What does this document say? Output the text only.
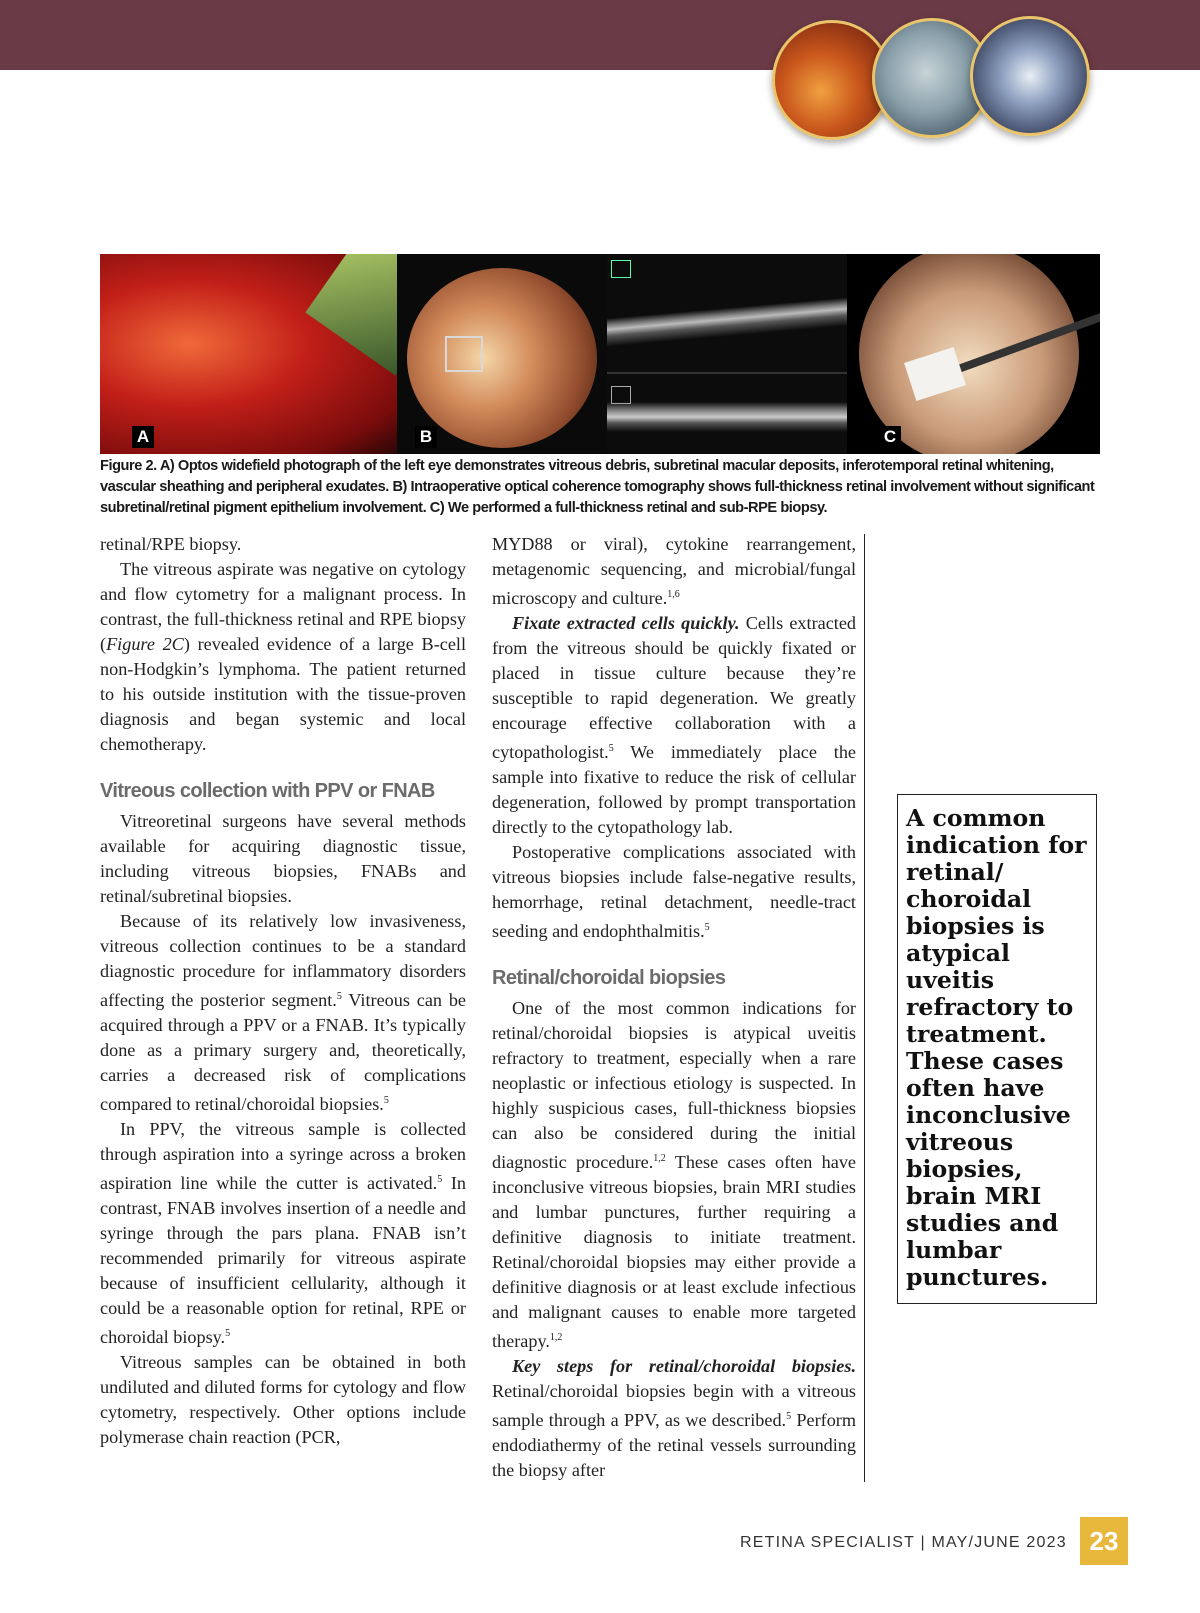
A	B	C
Figure 2. A) Optos widefield photograph of the left eye demonstrates vitreous debris, subretinal macular deposits, inferotemporal retinal whitening, vascular sheathing and peripheral exudates. B) Intraoperative optical coherence tomography shows full-thickness retinal involvement without significant subretinal/retinal pigment epithelium involvement. C) We performed a full-thickness retinal and sub-RPE biopsy.

retinal/RPE biopsy.

The vitreous aspirate was negative on cytology and flow cytometry for a malignant process. In contrast, the full-thickness retinal and RPE biopsy (Figure 2C) revealed evidence of a large B-cell non-Hodgkin’s lymphoma. The patient returned to his outside institution with the tissue-proven diagnosis and began systemic and local chemotherapy.

Vitreous collection with PPV or FNAB

Vitreoretinal surgeons have several methods available for acquiring diagnostic tissue, including vitreous biopsies, FNABs and retinal/subretinal biopsies.

Because of its relatively low invasiveness, vitreous collection continues to be a standard diagnostic procedure for inflammatory disorders affecting the posterior segment.$^5$ Vitreous can be acquired through a PPV or a FNAB. It’s typically done as a primary surgery and, theoretically, carries a decreased risk of complications compared to retinal/choroidal biopsies.$^5$

In PPV, the vitreous sample is collected through aspiration into a syringe across a broken aspiration line while the cutter is activated.$^5$ In contrast, FNAB involves insertion of a needle and syringe through the pars plana. FNAB isn’t recommended primarily for vitreous aspirate because of insufficient cellularity, although it could be a reasonable option for retinal, RPE or choroidal biopsy.$^5$

Vitreous samples can be obtained in both undiluted and diluted forms for cytology and flow cytometry, respectively. Other options include polymerase chain reaction (PCR,

MYD88 or viral), cytokine rearrangement, metagenomic sequencing, and microbial/fungal microscopy and culture.$^{1,6}$

Fixate extracted cells quickly. Cells extracted from the vitreous should be quickly fixated or placed in tissue culture because they’re susceptible to rapid degeneration. We greatly encourage effective collaboration with a cytopathologist.$^5$ We immediately place the sample into fixative to reduce the risk of cellular degeneration, followed by prompt transportation directly to the cytopathology lab.

Postoperative complications associated with vitreous biopsies include false-negative results, hemorrhage, retinal detachment, needle-tract seeding and endophthalmitis.$^5$

Retinal/choroidal biopsies

One of the most common indications for retinal/choroidal biopsies is atypical uveitis refractory to treatment, especially when a rare neoplastic or infectious etiology is suspected. In highly suspicious cases, full-thickness biopsies can also be considered during the initial diagnostic procedure.$^{1,2}$ These cases often have inconclusive vitreous biopsies, brain MRI studies and lumbar punctures, further requiring a definitive diagnosis to initiate treatment. Retinal/choroidal biopsies may either provide a definitive diagnosis or at least exclude infectious and malignant causes to enable more targeted therapy.$^{1,2}$

Key steps for retinal/choroidal biopsies. Retinal/choroidal biopsies begin with a vitreous sample through a PPV, as we described.$^5$ Perform endodiathermy of the retinal vessels surrounding the biopsy after

A common indication for retinal/ choroidal biopsies is atypical uveitis refractory to treatment. These cases often have inconclusive vitreous biopsies, brain MRI studies and lumbar punctures.
RETINA SPECIALIST | MAY/JUNE 2023 23
